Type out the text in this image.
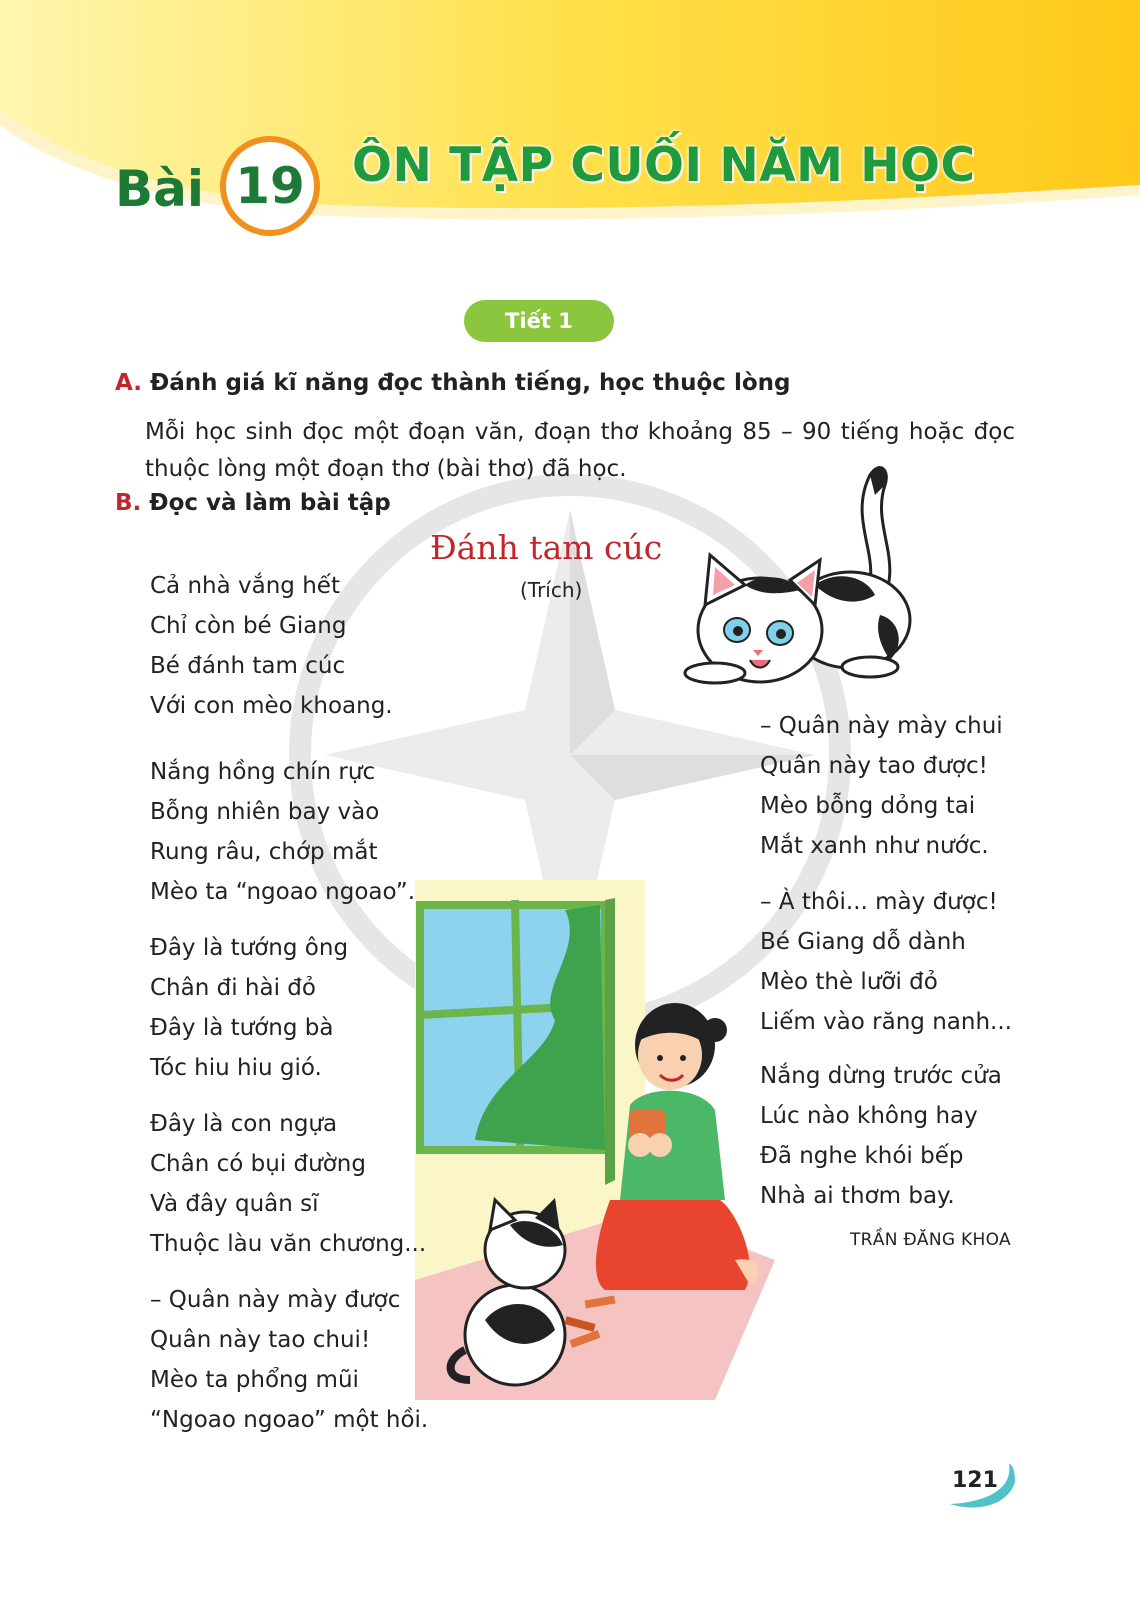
Bài 19 ÔN TẬP CUỐI NĂM HỌC
Tiết 1
A. Đánh giá kĩ năng đọc thành tiếng, học thuộc lòng
Mỗi học sinh đọc một đoạn văn, đoạn thơ khoảng 85 – 90 tiếng hoặc đọc thuộc lòng một đoạn thơ (bài thơ) đã học.
B. Đọc và làm bài tập
Đánh tam cúc
(Trích)
Cả nhà vắng hết
Chỉ còn bé Giang
Bé đánh tam cúc
Với con mèo khoang.
Nắng hồng chín rực
Bỗng nhiên bay vào
Rung râu, chớp mắt
Mèo ta “ngoao ngoao”.
Đây là tướng ông
Chân đi hài đỏ
Đây là tướng bà
Tóc hiu hiu gió.
Đây là con ngựa
Chân có bụi đường
Và đây quân sĩ
Thuộc làu văn chương...
– Quân này mày được
Quân này tao chui!
Mèo ta phổng mũi
“Ngoao ngoao” một hồi.
– Quân này mày chui
Quân này tao được!
Mèo bỗng dỏng tai
Mắt xanh như nước.
– À thôi... mày được!
Bé Giang dỗ dành
Mèo thè lưỡi đỏ
Liếm vào răng nanh...
Nắng dừng trước cửa
Lúc nào không hay
Đã nghe khói bếp
Nhà ai thơm bay.
TRẦN ĐĂNG KHOA
121
